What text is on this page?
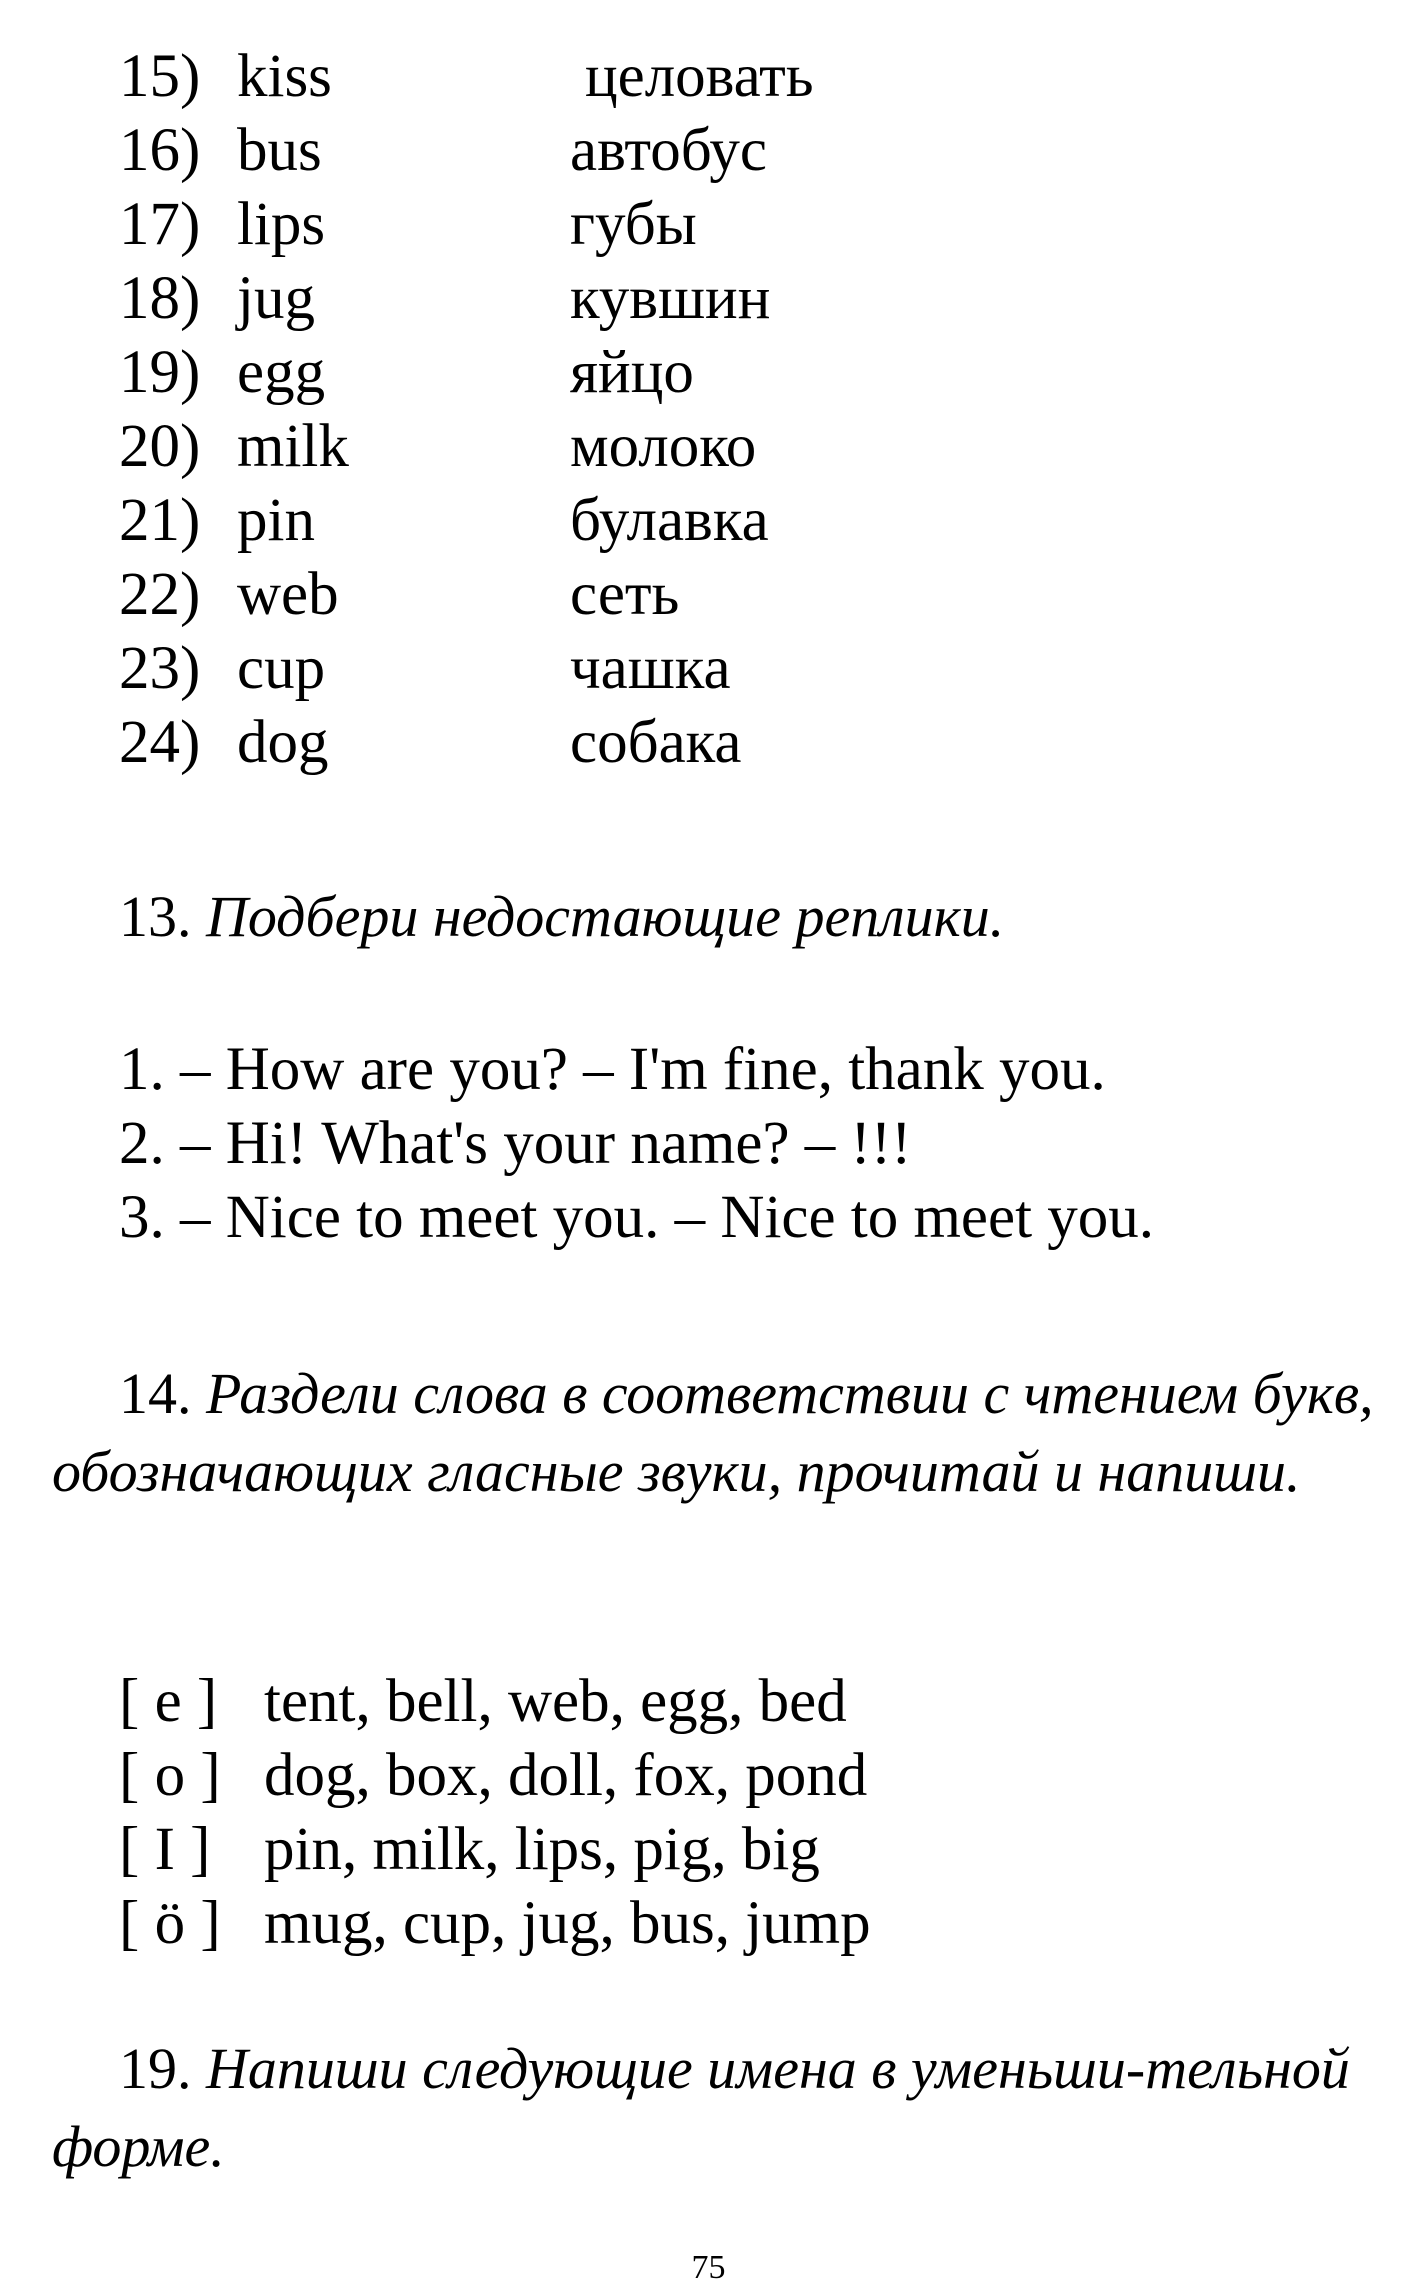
15) kiss	целовать
16) bus	автобус
17) lips	губы
18) jug	кувшин
19) egg	яйцо
20) milk	молоко
21) pin	булавка
22) web	сеть
23) cup	чашка
24) dog	собака
13. Подбери недостающие реплики.
1. – How are you? – I'm fine, thank you.
2. – Hi! What's your name? – !!!
3. – Nice to meet you. – Nice to meet you.
14. Раздели слова в соответствии с чтением букв, обозначающих гласные звуки, прочитай и напиши.
[ e ] tent, bell, web, egg, bed
[ o ] dog, box, doll, fox, pond
[ I ] pin, milk, lips, pig, big
[ ö ] mug, cup, jug, bus, jump
19. Напиши следующие имена в уменьши-тельной форме.
75
